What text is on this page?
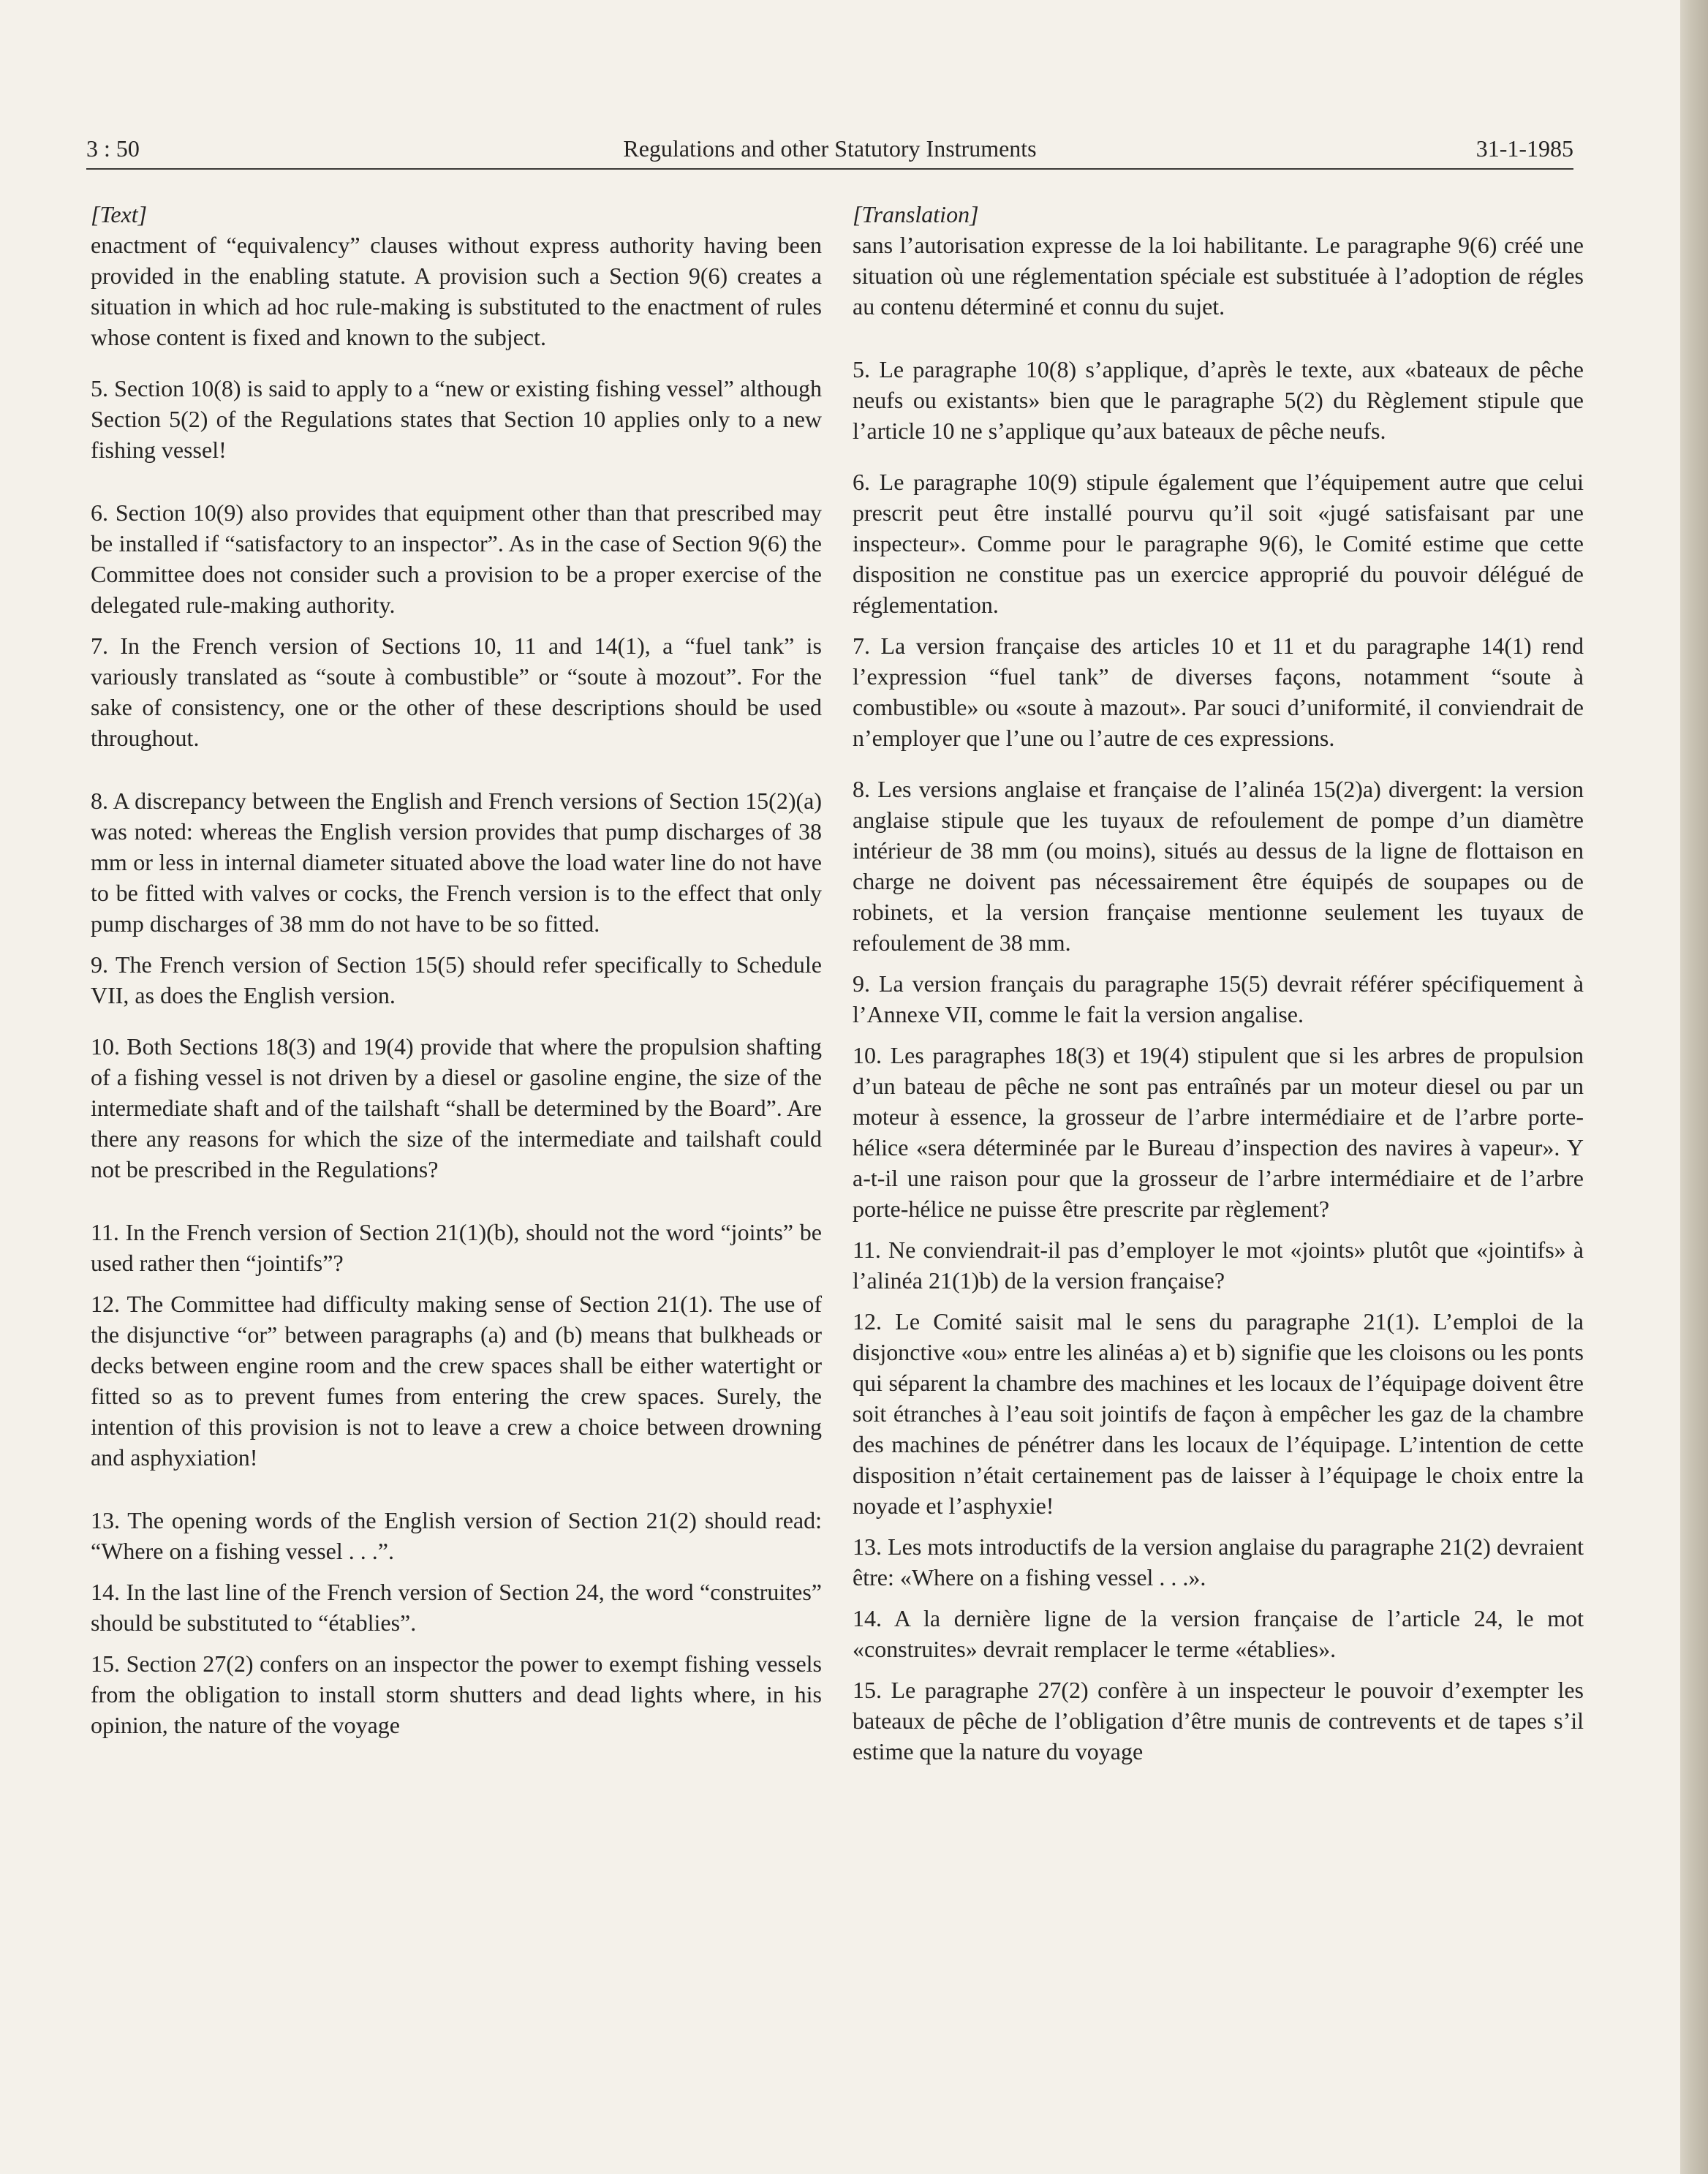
3 : 50	Regulations and other Statutory Instruments	31-1-1985

[Text]

enactment of “equivalency” clauses without express authority having been provided in the enabling statute. A provision such a Section 9(6) creates a situation in which ad hoc rule-making is substituted to the enactment of rules whose content is fixed and known to the subject.

5. Section 10(8) is said to apply to a “new or existing fishing vessel” although Section 5(2) of the Regulations states that Section 10 applies only to a new fishing vessel!

6. Section 10(9) also provides that equipment other than that prescribed may be installed if “satisfactory to an inspector”. As in the case of Section 9(6) the Committee does not consider such a provision to be a proper exercise of the delegated rule-making authority.

7. In the French version of Sections 10, 11 and 14(1), a “fuel tank” is variously translated as “soute à combustible” or “soute à mozout”. For the sake of consistency, one or the other of these descriptions should be used throughout.

8. A discrepancy between the English and French versions of Section 15(2)(a) was noted: whereas the English version provides that pump discharges of 38 mm or less in internal diameter situated above the load water line do not have to be fitted with valves or cocks, the French version is to the effect that only pump discharges of 38 mm do not have to be so fitted.

9. The French version of Section 15(5) should refer specifically to Schedule VII, as does the English version.

10. Both Sections 18(3) and 19(4) provide that where the propulsion shafting of a fishing vessel is not driven by a diesel or gasoline engine, the size of the intermediate shaft and of the tailshaft “shall be determined by the Board”. Are there any reasons for which the size of the intermediate and tailshaft could not be prescribed in the Regulations?

11. In the French version of Section 21(1)(b), should not the word “joints” be used rather then “jointifs”?

12. The Committee had difficulty making sense of Section 21(1). The use of the disjunctive “or” between paragraphs (a) and (b) means that bulkheads or decks between engine room and the crew spaces shall be either watertight or fitted so as to prevent fumes from entering the crew spaces. Surely, the intention of this provision is not to leave a crew a choice between drowning and asphyxiation!

13. The opening words of the English version of Section 21(2) should read: “Where on a fishing vessel . . .”.

14. In the last line of the French version of Section 24, the word “construites” should be substituted to “établies”.

15. Section 27(2) confers on an inspector the power to exempt fishing vessels from the obligation to install storm shutters and dead lights where, in his opinion, the nature of the voyage

[Translation]

sans l’autorisation expresse de la loi habilitante. Le paragraphe 9(6) créé une situation où une réglementation spéciale est substituée à l’adoption de régles au contenu déterminé et connu du sujet.

5. Le paragraphe 10(8) s’applique, d’après le texte, aux «bateaux de pêche neufs ou existants» bien que le paragraphe 5(2) du Règlement stipule que l’article 10 ne s’applique qu’aux bateaux de pêche neufs.

6. Le paragraphe 10(9) stipule également que l’équipement autre que celui prescrit peut être installé pourvu qu’il soit «jugé satisfaisant par une inspecteur». Comme pour le paragraphe 9(6), le Comité estime que cette disposition ne constitue pas un exercice approprié du pouvoir délégué de réglementation.

7. La version française des articles 10 et 11 et du paragraphe 14(1) rend l’expression “fuel tank” de diverses façons, notamment “soute à combustible» ou «soute à mazout». Par souci d’uniformité, il conviendrait de n’employer que l’une ou l’autre de ces expressions.

8. Les versions anglaise et française de l’alinéa 15(2)a) divergent: la version anglaise stipule que les tuyaux de refoulement de pompe d’un diamètre intérieur de 38 mm (ou moins), situés au dessus de la ligne de flottaison en charge ne doivent pas nécessairement être équipés de soupapes ou de robinets, et la version française mentionne seulement les tuyaux de refoulement de 38 mm.

9. La version français du paragraphe 15(5) devrait référer spécifiquement à l’Annexe VII, comme le fait la version angalise.

10. Les paragraphes 18(3) et 19(4) stipulent que si les arbres de propulsion d’un bateau de pêche ne sont pas entraînés par un moteur diesel ou par un moteur à essence, la grosseur de l’arbre intermédiaire et de l’arbre porte-hélice «sera déterminée par le Bureau d’inspection des navires à vapeur». Y a-t-il une raison pour que la grosseur de l’arbre intermédiaire et de l’arbre porte-hélice ne puisse être prescrite par règlement?

11. Ne conviendrait-il pas d’employer le mot «joints» plutôt que «jointifs» à l’alinéa 21(1)b) de la version française?

12. Le Comité saisit mal le sens du paragraphe 21(1). L’emploi de la disjonctive «ou» entre les alinéas a) et b) signifie que les cloisons ou les ponts qui séparent la chambre des machines et les locaux de l’équipage doivent être soit étranches à l’eau soit jointifs de façon à empêcher les gaz de la chambre des machines de pénétrer dans les locaux de l’équipage. L’intention de cette disposition n’était certainement pas de laisser à l’équipage le choix entre la noyade et l’asphyxie!

13. Les mots introductifs de la version anglaise du paragraphe 21(2) devraient être: «Where on a fishing vessel . . .».

14. A la dernière ligne de la version française de l’article 24, le mot «construites» devrait remplacer le terme «établies».

15. Le paragraphe 27(2) confère à un inspecteur le pouvoir d’exempter les bateaux de pêche de l’obligation d’être munis de contrevents et de tapes s’il estime que la nature du voyage
